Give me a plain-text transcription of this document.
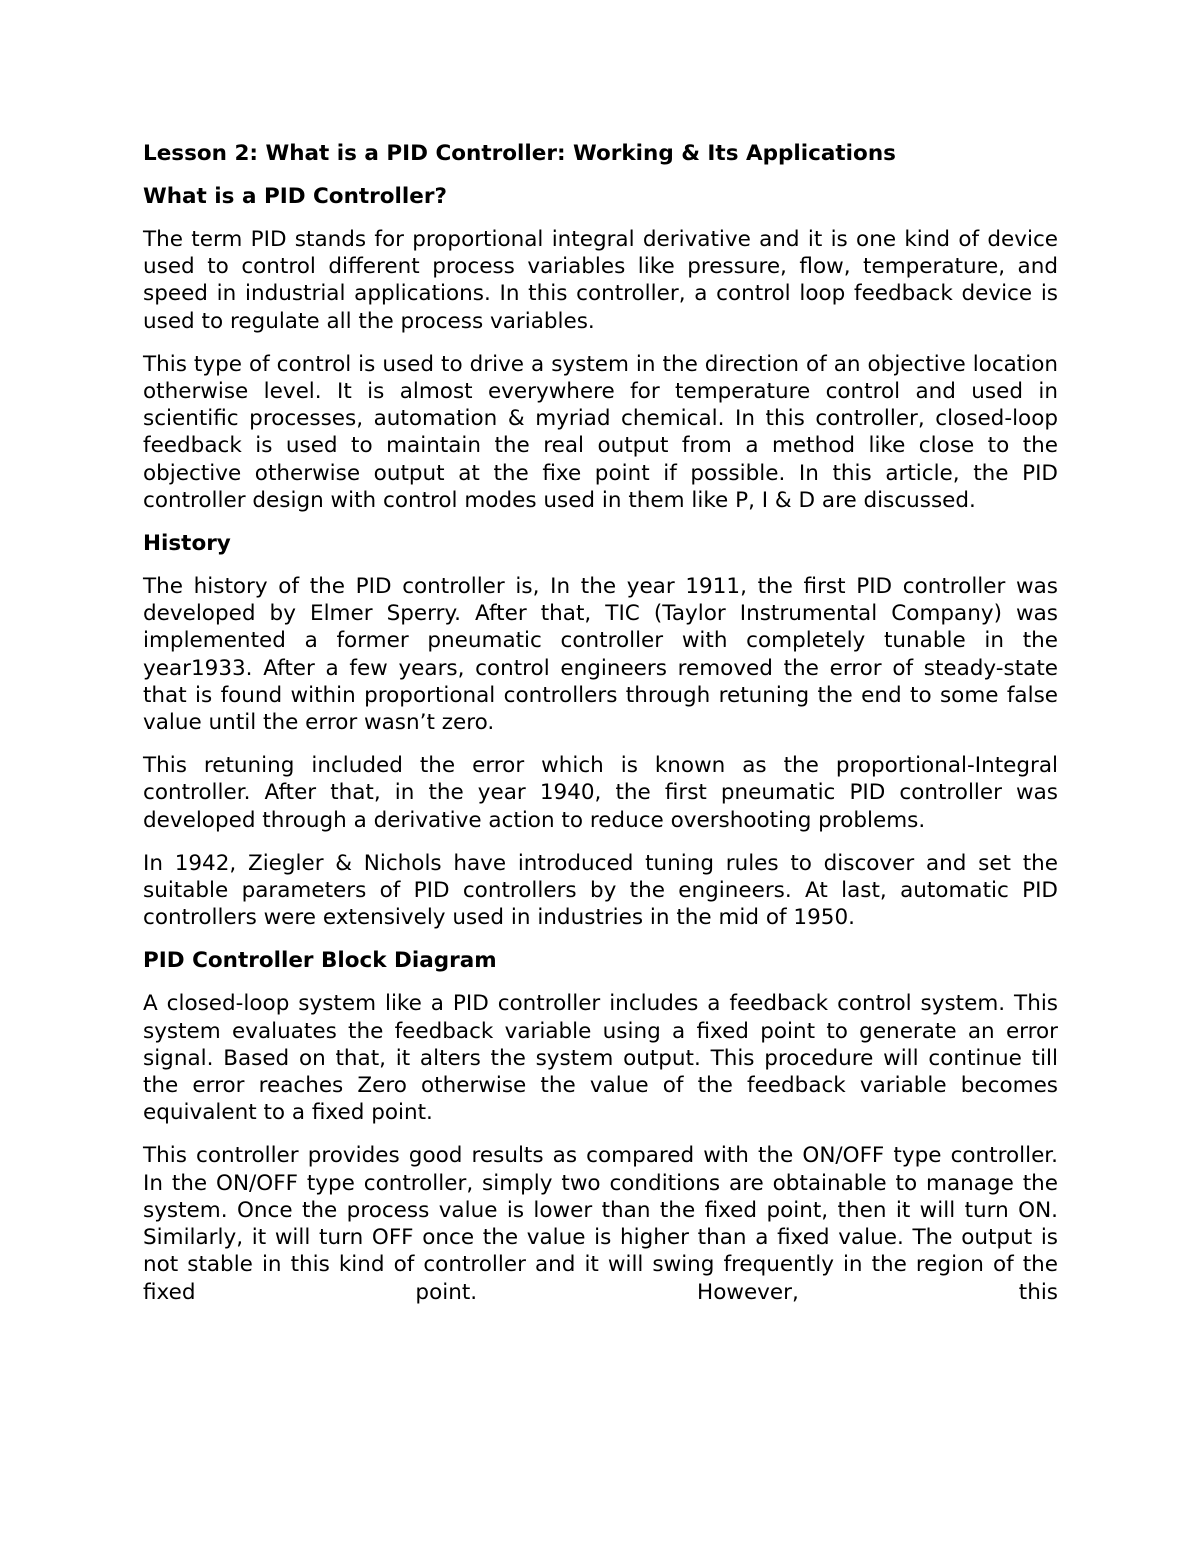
Lesson 2: What is a PID Controller: Working & Its Applications
What is a PID Controller?

The term PID stands for proportional integral derivative and it is one kind of device used to control different process variables like pressure, flow, temperature, and speed in industrial applications. In this controller, a control loop feedback device is used to regulate all the process variables.

This type of control is used to drive a system in the direction of an objective location otherwise level. It is almost everywhere for temperature control and used in scientific processes, automation & myriad chemical. In this controller, closed-loop feedback is used to maintain the real output from a method like close to the objective otherwise output at the fixe point if possible. In this article, the PID controller design with control modes used in them like P, I & D are discussed.

History

The history of the PID controller is, In the year 1911, the first PID controller was developed by Elmer Sperry. After that, TIC (Taylor Instrumental Company) was implemented a former pneumatic controller with completely tunable in the year1933. After a few years, control engineers removed the error of steady-state that is found within proportional controllers through retuning the end to some false value until the error wasn’t zero.

This retuning included the error which is known as the proportional-Integral controller. After that, in the year 1940, the first pneumatic PID controller was developed through a derivative action to reduce overshooting problems.

In 1942, Ziegler & Nichols have introduced tuning rules to discover and set the suitable parameters of PID controllers by the engineers. At last, automatic PID controllers were extensively used in industries in the mid of 1950.

PID Controller Block Diagram

A closed-loop system like a PID controller includes a feedback control system. This system evaluates the feedback variable using a fixed point to generate an error signal. Based on that, it alters the system output. This procedure will continue till the error reaches Zero otherwise the value of the feedback variable becomes equivalent to a fixed point.

This controller provides good results as compared with the ON/OFF type controller. In the ON/OFF type controller, simply two conditions are obtainable to manage the system. Once the process value is lower than the fixed point, then it will turn ON. Similarly, it will turn OFF once the value is higher than a fixed value. The output is not stable in this kind of controller and it will swing frequently in the region of the fixed point. However, this
